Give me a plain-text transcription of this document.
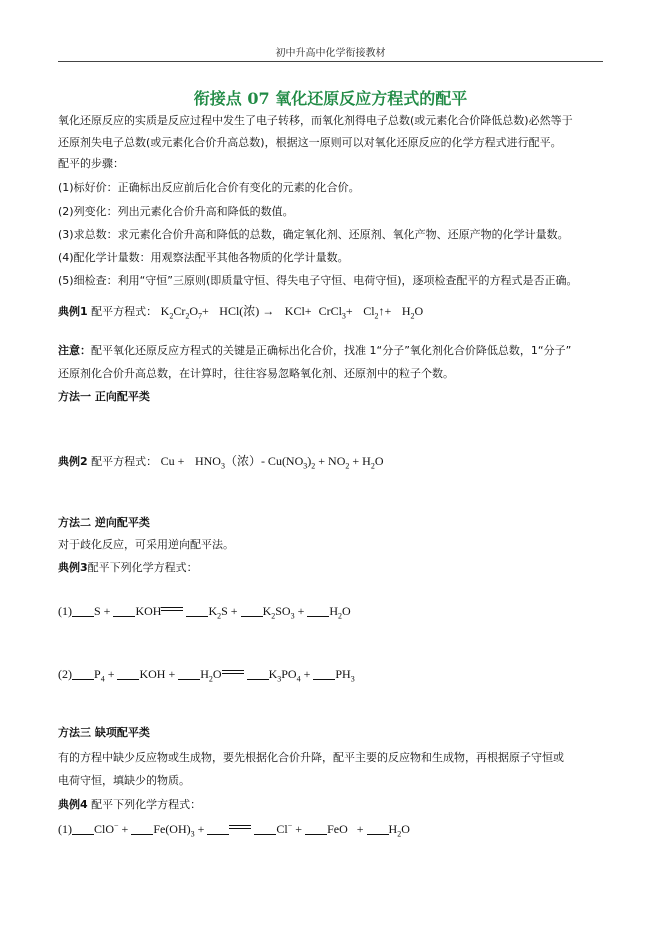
初中升高中化学衔接教材
衔接点 07 氧化还原反应方程式的配平
氧化还原反应的实质是反应过程中发生了电子转移，而氧化剂得电子总数(或元素化合价降低总数)必然等于
还原剂失电子总数(或元素化合价升高总数)，根据这一原则可以对氧化还原反应的化学方程式进行配平。
配平的步骤：
(1)标好价：正确标出反应前后化合价有变化的元素的化合价。
(2)列变化：列出元素化合价升高和降低的数值。
(3)求总数：求元素化合价升高和降低的总数，确定氧化剂、还原剂、氧化产物、还原产物的化学计量数。
(4)配化学计量数：用观察法配平其他各物质的化学计量数。
(5)细检查：利用“守恒”三原则(即质量守恒、得失电子守恒、电荷守恒)，逐项检查配平的方程式是否正确。
典例1 配平方程式： $K_2Cr_2O_7+ HCl$(浓) → KCl+ CrCl$_3$+ $Cl_2↑+ H_2O$
注意：配平氧化还原反应方程式的关键是正确标出化合价，找准 1“分子”氧化剂化合价降低总数，1“分子”
还原剂化合价升高总数，在计算时，往往容易忽略氧化剂、还原剂中的粒子个数。
方法一 正向配平类
典例2 配平方程式： $Cu + HNO_3$（浓）- $Cu(NO_3)_2 + NO_2 + H_2O$
方法二 逆向配平类
对于歧化反应，可采用逆向配平法。
典例3配平下列化学方程式：
(1) S + KOH	$K_2S + K_2SO_3 + H_2O$
(2) $P_4$ + KOH + $H_2O$	$K_3PO_4 + PH_3$
方法三 缺项配平类
有的方程中缺少反应物或生成物，要先根据化合价升降，配平主要的反应物和生成物，再根据原子守恒或
电荷守恒，填缺少的物质。
典例4 配平下列化学方程式：
(1) $ClO^- + Fe(OH)_3$ +	Cl− + FeO + $H_2O$
